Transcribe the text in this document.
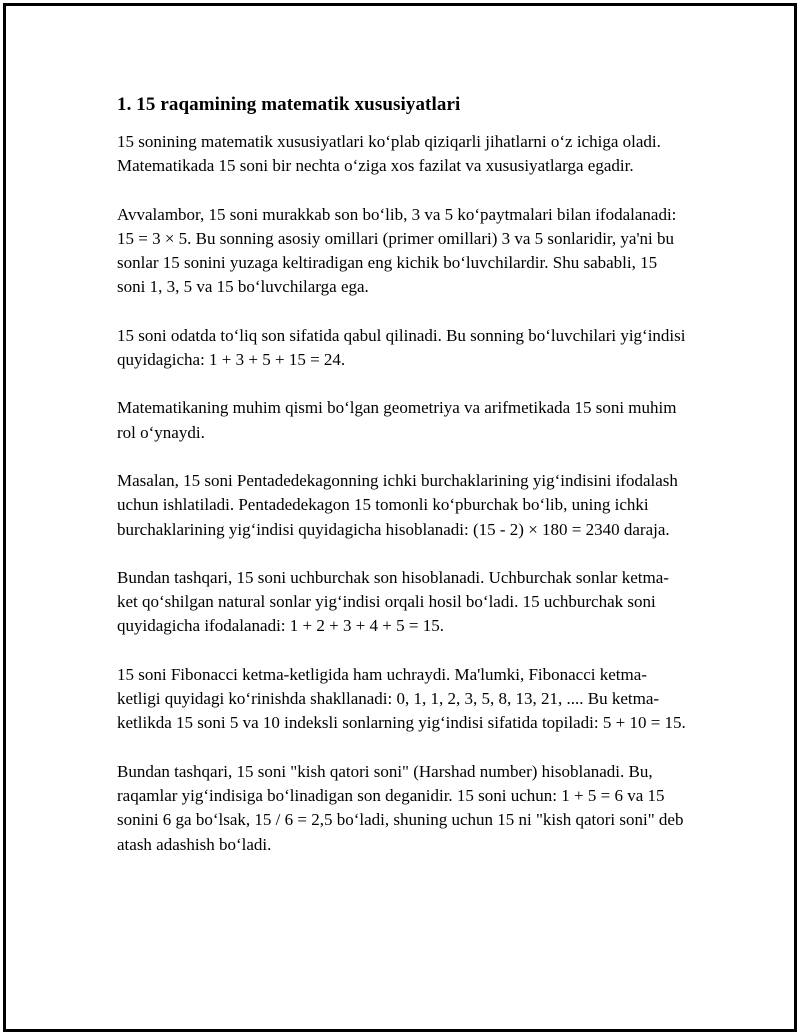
1. 15 raqamining matematik xususiyatlari

15 sonining matematik xususiyatlari ko‘plab qiziqarli jihatlarni o‘z ichiga oladi. Matematikada 15 soni bir nechta o‘ziga xos fazilat va xususiyatlarga egadir.

Avvalambor, 15 soni murakkab son bo‘lib, 3 va 5 ko‘paytmalari bilan ifodalanadi: 15 = 3 × 5. Bu sonning asosiy omillari (primer omillari) 3 va 5 sonlaridir, ya'ni bu sonlar 15 sonini yuzaga keltiradigan eng kichik bo‘luvchilardir. Shu sababli, 15 soni 1, 3, 5 va 15 bo‘luvchilarga ega.

15 soni odatda to‘liq son sifatida qabul qilinadi. Bu sonning bo‘luvchilari yig‘indisi quyidagicha: 1 + 3 + 5 + 15 = 24.

Matematikaning muhim qismi bo‘lgan geometriya va arifmetikada 15 soni muhim rol o‘ynaydi.

Masalan, 15 soni Pentadedekagonning ichki burchaklarining yig‘indisini ifodalash uchun ishlatiladi. Pentadedekagon 15 tomonli ko‘pburchak bo‘lib, uning ichki burchaklarining yig‘indisi quyidagicha hisoblanadi: (15 - 2) × 180 = 2340 daraja.

Bundan tashqari, 15 soni uchburchak son hisoblanadi. Uchburchak sonlar ketma-ket qo‘shilgan natural sonlar yig‘indisi orqali hosil bo‘ladi. 15 uchburchak soni quyidagicha ifodalanadi: 1 + 2 + 3 + 4 + 5 = 15.

15 soni Fibonacci ketma-ketligida ham uchraydi. Ma'lumki, Fibonacci ketma-ketligi quyidagi ko‘rinishda shakllanadi: 0, 1, 1, 2, 3, 5, 8, 13, 21, .... Bu ketma-ketlikda 15 soni 5 va 10 indeksli sonlarning yig‘indisi sifatida topiladi: 5 + 10 = 15.

Bundan tashqari, 15 soni "kish qatori soni" (Harshad number) hisoblanadi. Bu, raqamlar yig‘indisiga bo‘linadigan son deganidir. 15 soni uchun: 1 + 5 = 6 va 15 sonini 6 ga bo‘lsak, 15 / 6 = 2,5 bo‘ladi, shuning uchun 15 ni "kish qatori soni" deb atash adashish bo‘ladi.
